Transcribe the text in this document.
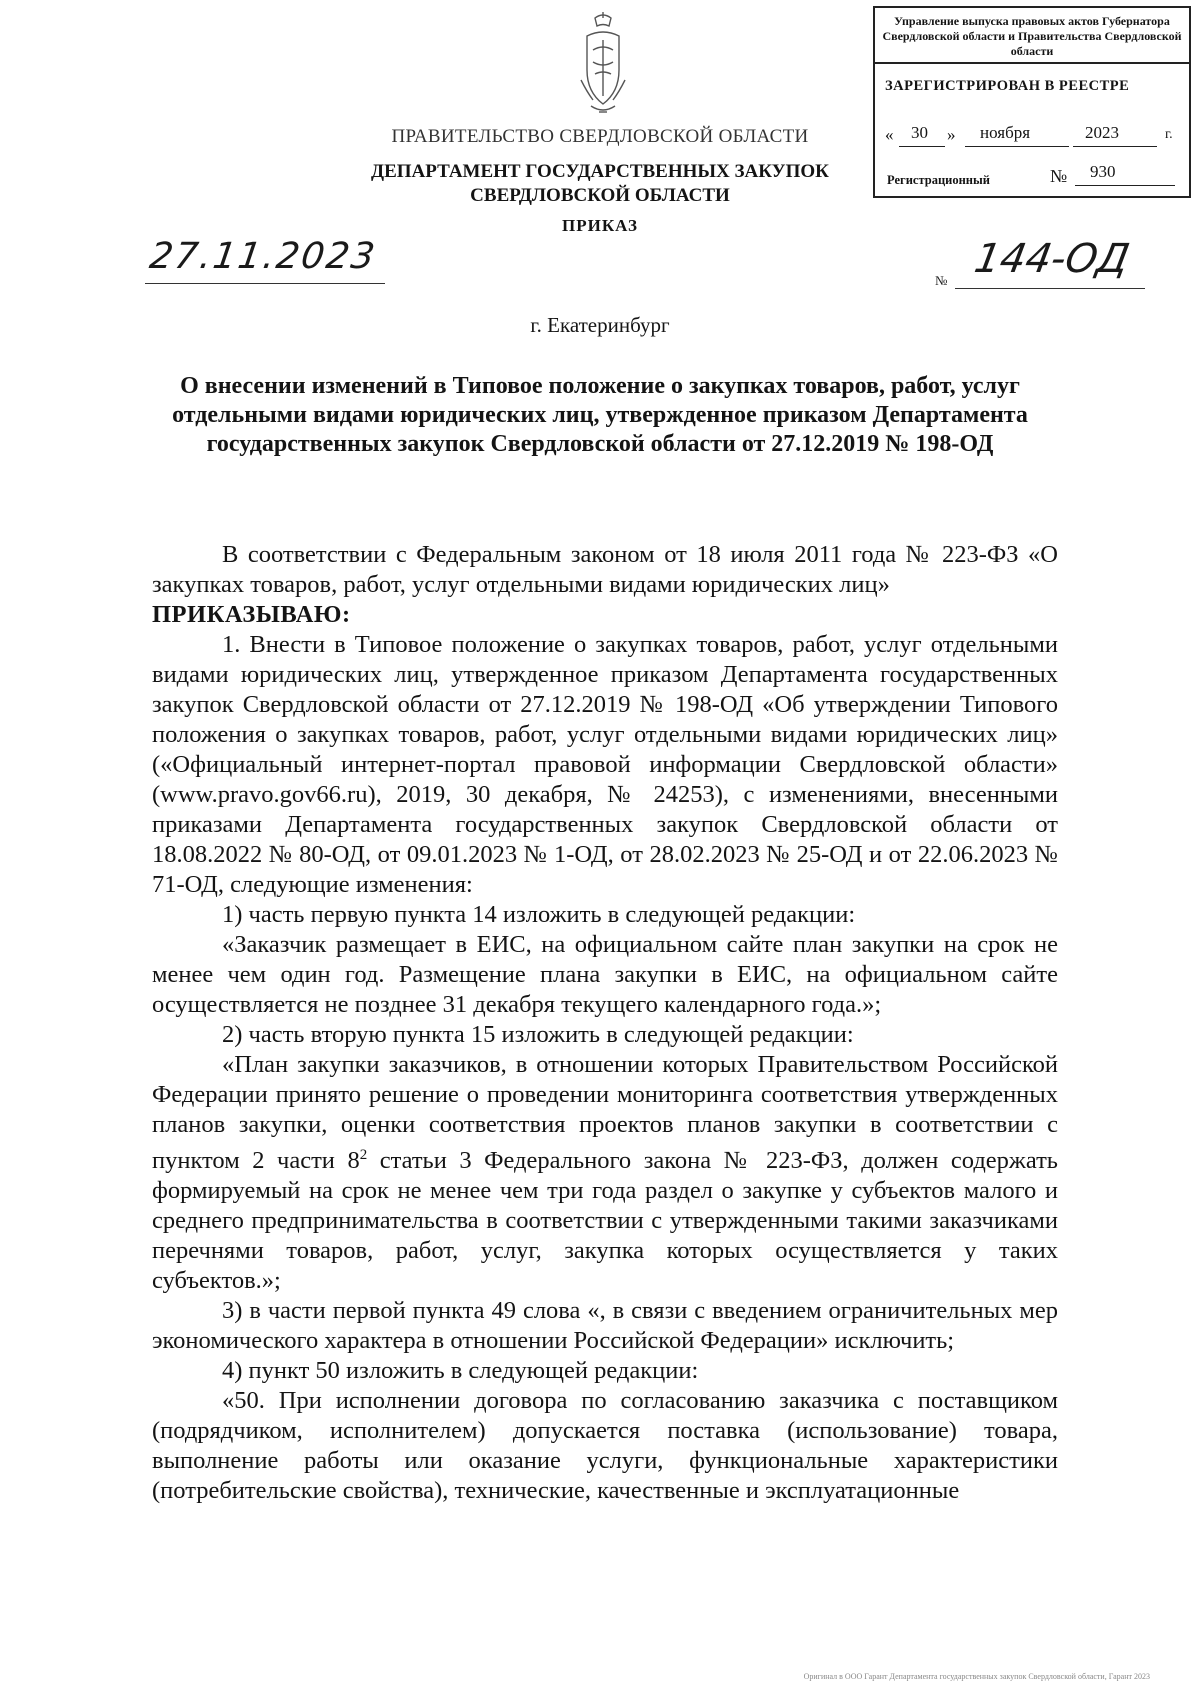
ПРАВИТЕЛЬСТВО СВЕРДЛОВСКОЙ ОБЛАСТИ
ДЕПАРТАМЕНТ ГОСУДАРСТВЕННЫХ ЗАКУПОК СВЕРДЛОВСКОЙ ОБЛАСТИ
ПРИКАЗ
Управление выпуска правовых актов Губернатора Свердловской области и Правительства Свердловской области
ЗАРЕГИСТРИРОВАН В РЕЕСТРЕ
« 30 » ноября	2023	г.
Регистрационный	№ 930
27.11.2023
№ 144-ОД
г. Екатеринбург
О внесении изменений в Типовое положение о закупках товаров, работ, услуг отдельными видами юридических лиц, утвержденное приказом Департамента государственных закупок Свердловской области от 27.12.2019 № 198-ОД

В соответствии с Федеральным законом от 18 июля 2011 года № 223-ФЗ «О закупках товаров, работ, услуг отдельными видами юридических лиц»

ПРИКАЗЫВАЮ:

1. Внести в Типовое положение о закупках товаров, работ, услуг отдельными видами юридических лиц, утвержденное приказом Департамента государственных закупок Свердловской области от 27.12.2019 № 198-ОД «Об утверждении Типового положения о закупках товаров, работ, услуг отдельными видами юридических лиц» («Официальный интернет-портал правовой информации Свердловской области» (www.pravo.gov66.ru), 2019, 30 декабря, № 24253), с изменениями, внесенными приказами Департамента государственных закупок Свердловской области от 18.08.2022 № 80-ОД, от 09.01.2023 № 1-ОД, от 28.02.2023 № 25-ОД и от 22.06.2023 № 71-ОД, следующие изменения:

1) часть первую пункта 14 изложить в следующей редакции:

«Заказчик размещает в ЕИС, на официальном сайте план закупки на срок не менее чем один год. Размещение плана закупки в ЕИС, на официальном сайте осуществляется не позднее 31 декабря текущего календарного года.»;

2) часть вторую пункта 15 изложить в следующей редакции:

«План закупки заказчиков, в отношении которых Правительством Российской Федерации принято решение о проведении мониторинга соответствия утвержденных планов закупки, оценки соответствия проектов планов закупки в соответствии с пунктом 2 части $8^2$ статьи 3 Федерального закона № 223-ФЗ, должен содержать формируемый на срок не менее чем три года раздел о закупке у субъектов малого и среднего предпринимательства в соответствии с утвержденными такими заказчиками перечнями товаров, работ, услуг, закупка которых осуществляется у таких субъектов.»;

3) в части первой пункта 49 слова «, в связи с введением ограничительных мер экономического характера в отношении Российской Федерации» исключить;

4) пункт 50 изложить в следующей редакции:

«50. При исполнении договора по согласованию заказчика с поставщиком (подрядчиком, исполнителем) допускается поставка (использование) товара, выполнение работы или оказание услуги, функциональные характеристики (потребительские свойства), технические, качественные и эксплуатационные

Оригинал в ООО Гарант Департамента государственных закупок Свердловской области, Гарант 2023
